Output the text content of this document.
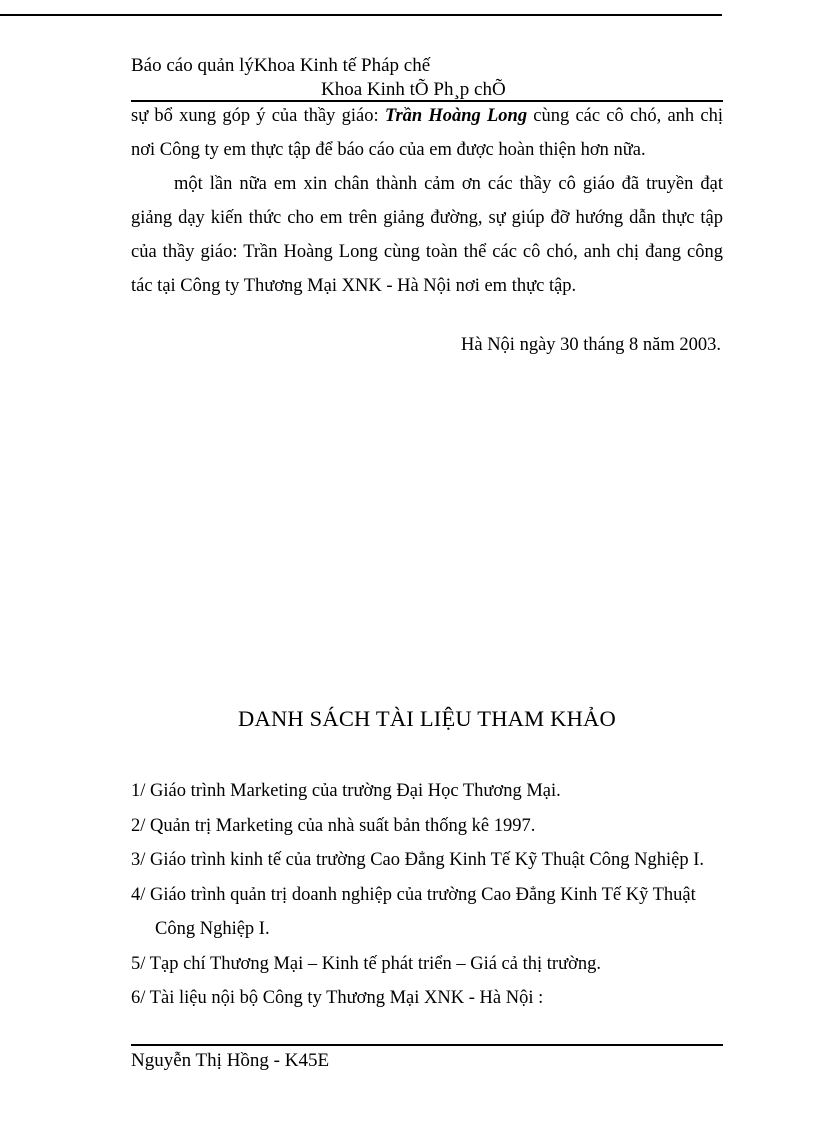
Báo cáo quản lýKhoa Kinh tế Pháp chế
Khoa Kinh tÕ Ph¸p chÕ

sự bổ xung góp ý của thầy giáo: Trần Hoàng Long cùng các cô chó, anh chị nơi Công ty em thực tập để báo cáo của em được hoàn thiện hơn nữa.

một lần nữa em xin chân thành cảm ơn các thầy cô giáo đã truyền đạt giảng dạy kiến thức cho em trên giảng đường, sự giúp đỡ hướng dẫn thực tập của thầy giáo: Trần Hoàng Long cùng toàn thể các cô chó, anh chị đang công tác tại Công ty Thương Mại XNK - Hà Nội nơi em thực tập.

Hà Nội ngày 30 tháng 8 năm 2003.
DANH SÁCH TÀI LIỆU THAM KHẢO
1/ Giáo trình Marketing của trường Đại Học Thương Mại.
2/ Quản trị Marketing của nhà suất bản thống kê 1997.
3/ Giáo trình kinh tế của trường Cao Đẳng Kinh Tế Kỹ Thuật Công Nghiệp I.
4/ Giáo trình quản trị doanh nghiệp của trường Cao Đẳng Kinh Tế Kỹ Thuật
Công Nghiệp I.
5/ Tạp chí Thương Mại – Kinh tế phát triển – Giá cả thị trường.
6/ Tài liệu nội bộ Công ty Thương Mại XNK - Hà Nội :
Nguyễn Thị Hồng - K45E
